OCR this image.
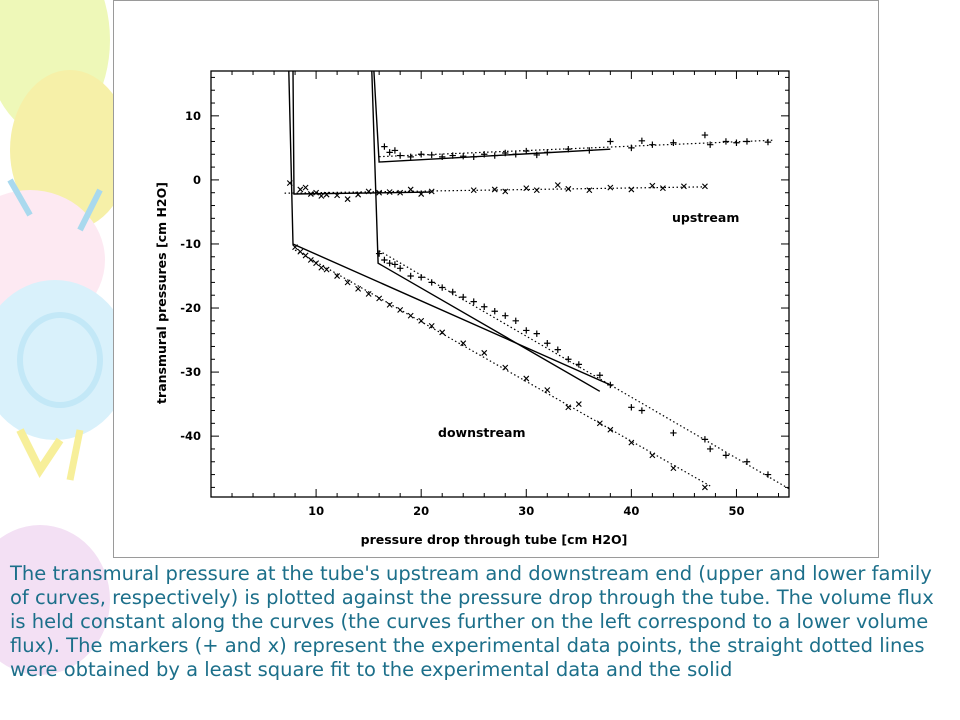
10	20	30	40	50
10
0
-10
-20
-30
-40
pressure drop through tube [cm H2O]
transmural pressures [cm H2O]	upstream
downstream

The transmural pressure at the tube's upstream and downstream end (upper and lower family of curves, respectively) is plotted against the pressure drop through the tube. The volume flux is held constant along the curves (the curves further on the left correspond to a lower volume flux). The markers (+ and x) represent the experimental data points, the straight dotted lines were obtained by a least square fit to the experimental data and the solid
